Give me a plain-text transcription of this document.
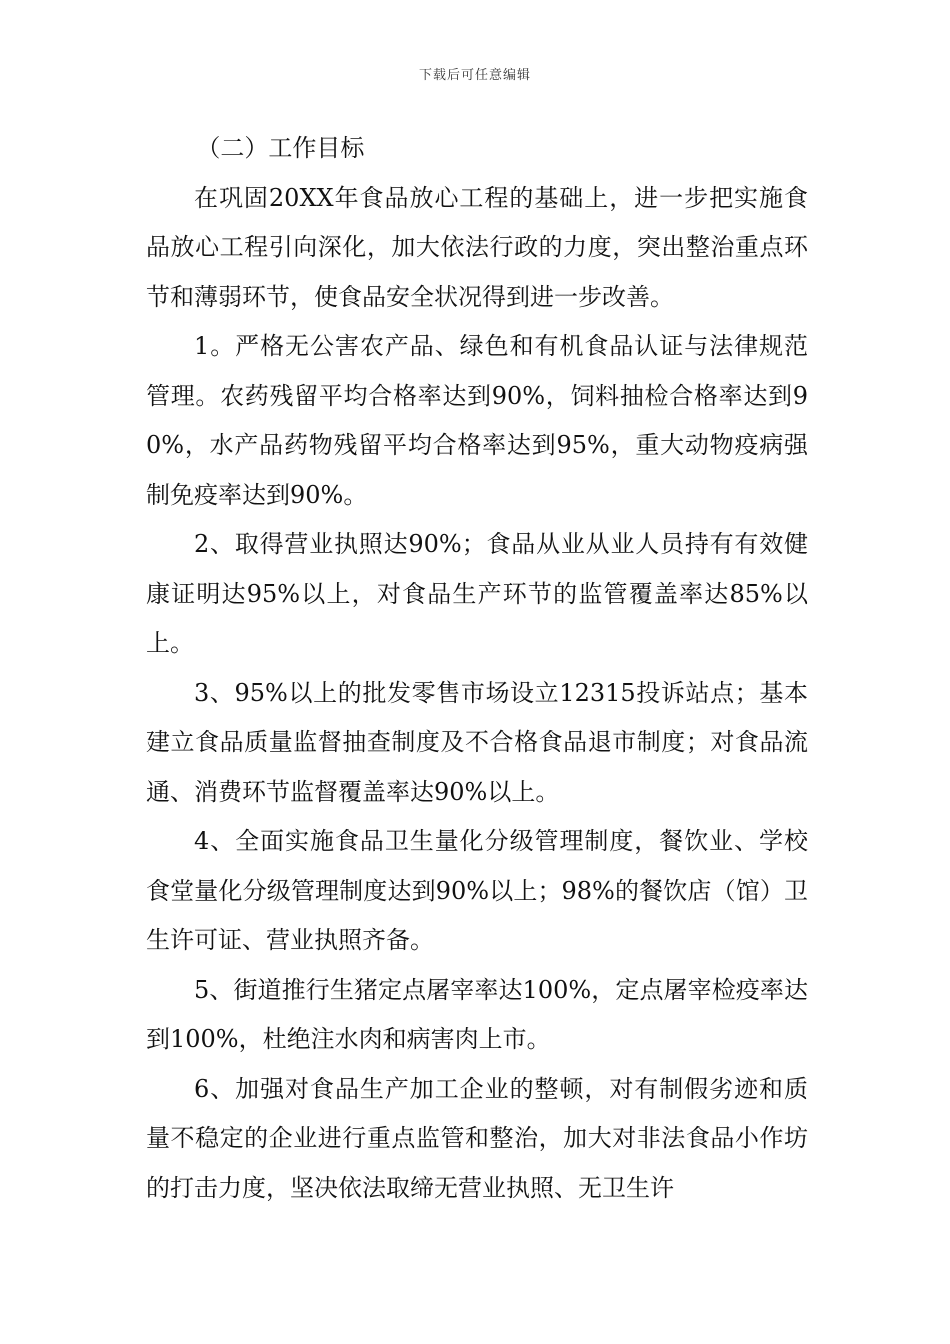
下载后可任意编辑

（二）工作目标

在巩固20XX年食品放心工程的基础上，进一步把实施食品放心工程引向深化，加大依法行政的力度，突出整治重点环节和薄弱环节，使食品安全状况得到进一步改善。

1。严格无公害农产品、绿色和有机食品认证与法律规范管理。农药残留平均合格率达到90%，饲料抽检合格率达到90%，水产品药物残留平均合格率达到95%，重大动物疫病强制免疫率达到90%。

2、取得营业执照达90%；食品从业从业人员持有有效健康证明达95%以上，对食品生产环节的监管覆盖率达85%以上。

3、95%以上的批发零售市场设立12315投诉站点；基本建立食品质量监督抽查制度及不合格食品退市制度；对食品流通、消费环节监督覆盖率达90%以上。

4、全面实施食品卫生量化分级管理制度，餐饮业、学校食堂量化分级管理制度达到90%以上；98%的餐饮店（馆）卫生许可证、营业执照齐备。

5、街道推行生猪定点屠宰率达100%，定点屠宰检疫率达到100%，杜绝注水肉和病害肉上市。

6、加强对食品生产加工企业的整顿，对有制假劣迹和质量不稳定的企业进行重点监管和整治，加大对非法食品小作坊的打击力度，坚决依法取缔无营业执照、无卫生许
